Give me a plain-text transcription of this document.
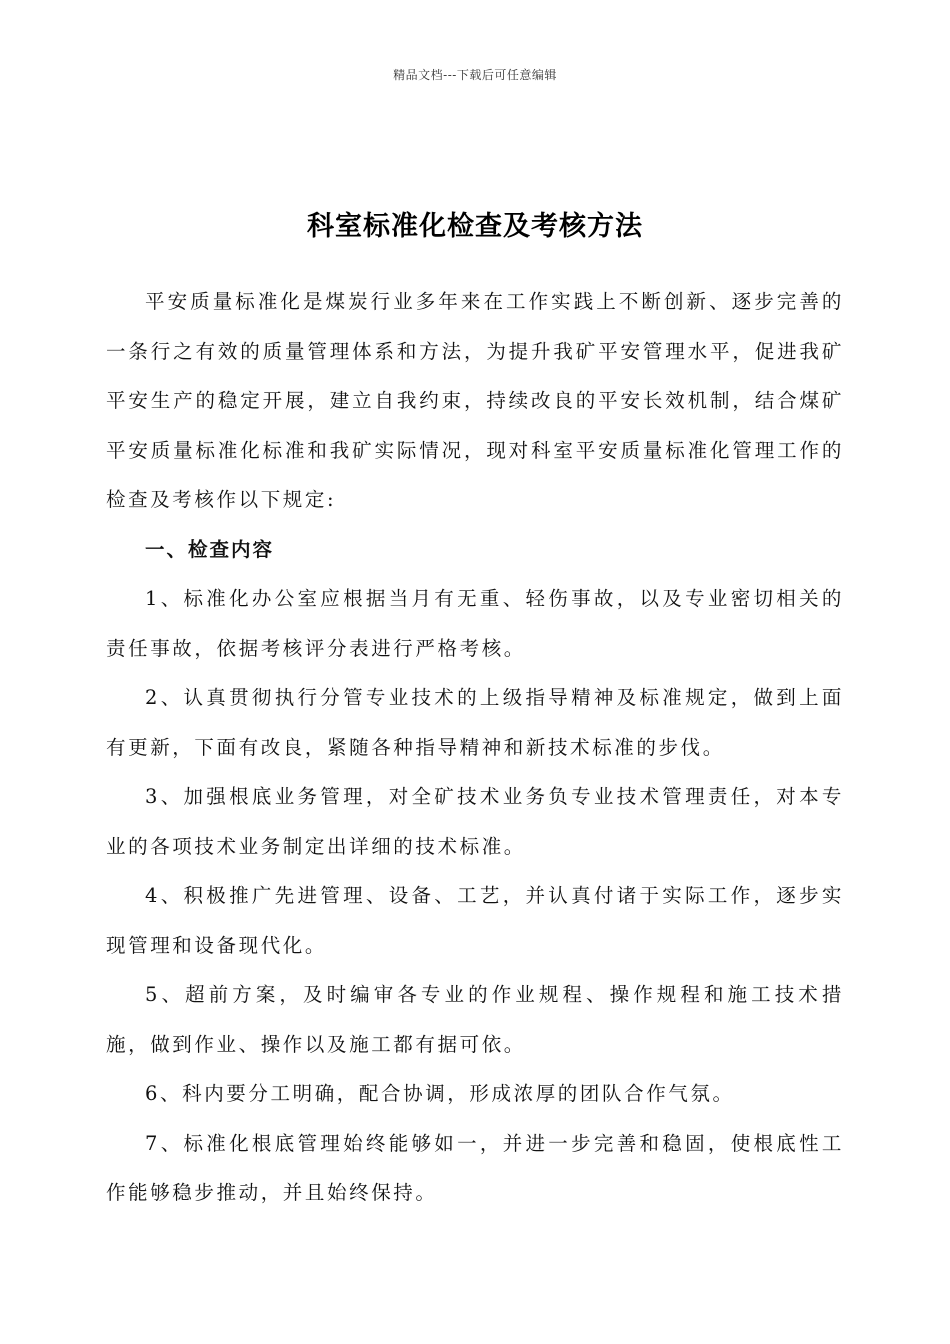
精品文档---下载后可任意编辑
科室标准化检查及考核方法

平安质量标准化是煤炭行业多年来在工作实践上不断创新、逐步完善的一条行之有效的质量管理体系和方法，为提升我矿平安管理水平，促进我矿平安生产的稳定开展，建立自我约束，持续改良的平安长效机制，结合煤矿平安质量标准化标准和我矿实际情况，现对科室平安质量标准化管理工作的检查及考核作以下规定:

一、检查内容

1、标准化办公室应根据当月有无重、轻伤事故，以及专业密切相关的责任事故，依据考核评分表进行严格考核。

2、认真贯彻执行分管专业技术的上级指导精神及标准规定，做到上面有更新，下面有改良，紧随各种指导精神和新技术标准的步伐。

3、加强根底业务管理，对全矿技术业务负专业技术管理责任，对本专业的各项技术业务制定出详细的技术标准。

4、积极推广先进管理、设备、工艺，并认真付诸于实际工作，逐步实现管理和设备现代化。

5、超前方案，及时编审各专业的作业规程、操作规程和施工技术措施，做到作业、操作以及施工都有据可依。

6、科内要分工明确，配合协调，形成浓厚的团队合作气氛。

7、标准化根底管理始终能够如一，并进一步完善和稳固，使根底性工作能够稳步推动，并且始终保持。
